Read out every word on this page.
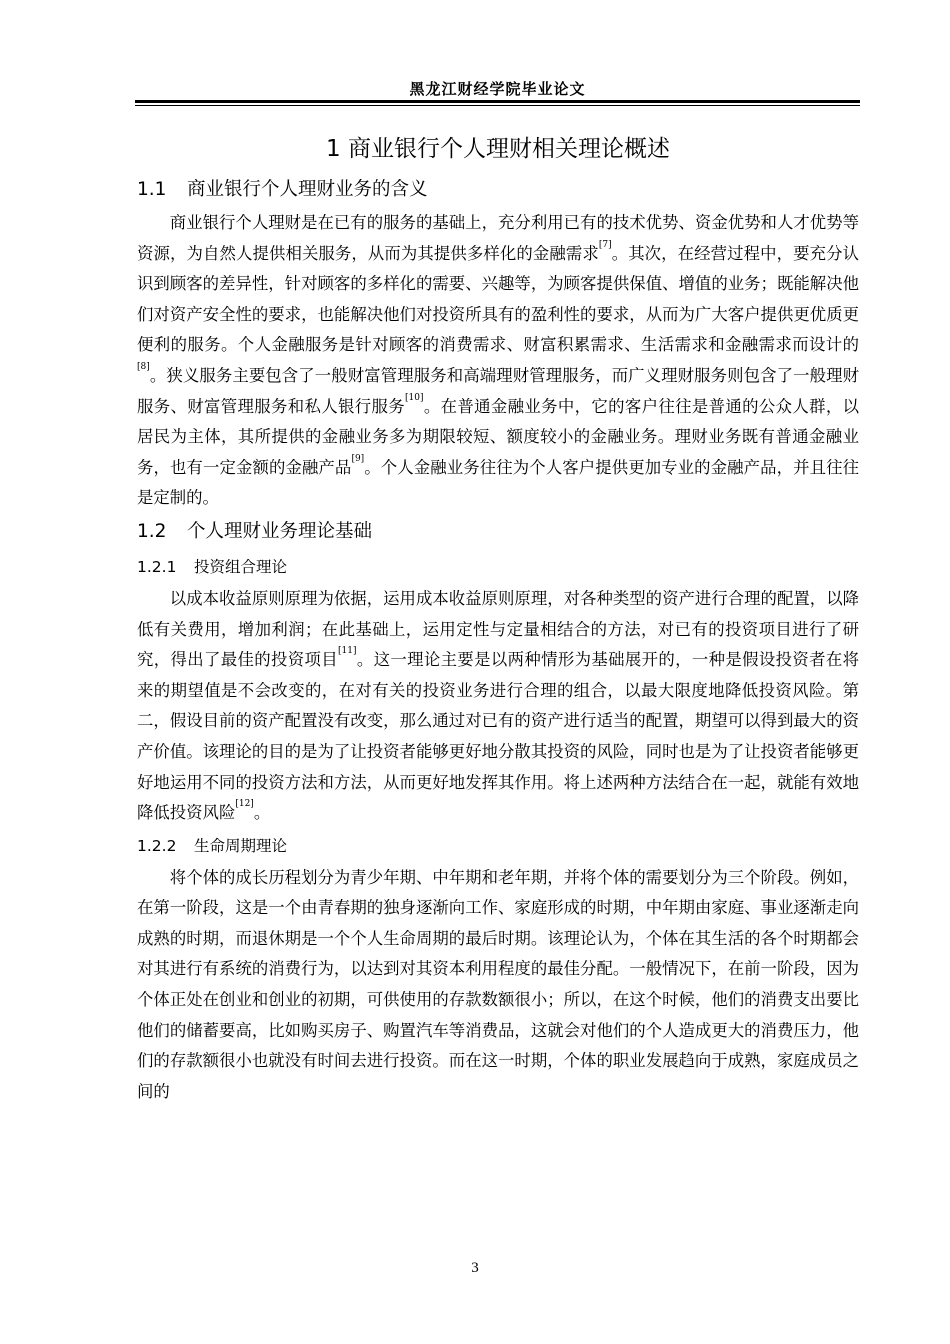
黑龙江财经学院毕业论文
1 商业银行个人理财相关理论概述
1.1 商业银行个人理财业务的含义

商业银行个人理财是在已有的服务的基础上，充分利用已有的技术优势、资金优势和人才优势等资源，为自然人提供相关服务，从而为其提供多样化的金融需求[7]。其次，在经营过程中，要充分认识到顾客的差异性，针对顾客的多样化的需要、兴趣等，为顾客提供保值、增值的业务；既能解决他们对资产安全性的要求，也能解决他们对投资所具有的盈利性的要求，从而为广大客户提供更优质更便利的服务。个人金融服务是针对顾客的消费需求、财富积累需求、生活需求和金融需求而设计的[8]。狭义服务主要包含了一般财富管理服务和高端理财管理服务，而广义理财服务则包含了一般理财服务、财富管理服务和私人银行服务[10]。在普通金融业务中，它的客户往往是普通的公众人群，以居民为主体，其所提供的金融业务多为期限较短、额度较小的金融业务。理财业务既有普通金融业务，也有一定金额的金融产品[9]。个人金融业务往往为个人客户提供更加专业的金融产品，并且往往是定制的。

1.2 个人理财业务理论基础
1.2.1 投资组合理论

以成本收益原则原理为依据，运用成本收益原则原理，对各种类型的资产进行合理的配置，以降低有关费用，增加利润；在此基础上，运用定性与定量相结合的方法，对已有的投资项目进行了研究，得出了最佳的投资项目[11]。这一理论主要是以两种情形为基础展开的，一种是假设投资者在将来的期望值是不会改变的，在对有关的投资业务进行合理的组合，以最大限度地降低投资风险。第二，假设目前的资产配置没有改变，那么通过对已有的资产进行适当的配置，期望可以得到最大的资产价值。该理论的目的是为了让投资者能够更好地分散其投资的风险，同时也是为了让投资者能够更好地运用不同的投资方法和方法，从而更好地发挥其作用。将上述两种方法结合在一起，就能有效地降低投资风险[12]。

1.2.2 生命周期理论

将个体的成长历程划分为青少年期、中年期和老年期，并将个体的需要划分为三个阶段。例如，在第一阶段，这是一个由青春期的独身逐渐向工作、家庭形成的时期，中年期由家庭、事业逐渐走向成熟的时期，而退休期是一个个人生命周期的最后时期。该理论认为，个体在其生活的各个时期都会对其进行有系统的消费行为，以达到对其资本利用程度的最佳分配。一般情况下，在前一阶段，因为个体正处在创业和创业的初期，可供使用的存款数额很小；所以，在这个时候，他们的消费支出要比他们的储蓄要高，比如购买房子、购置汽车等消费品，这就会对他们的个人造成更大的消费压力，他们的存款额很小也就没有时间去进行投资。而在这一时期，个体的职业发展趋向于成熟，家庭成员之间的

3
